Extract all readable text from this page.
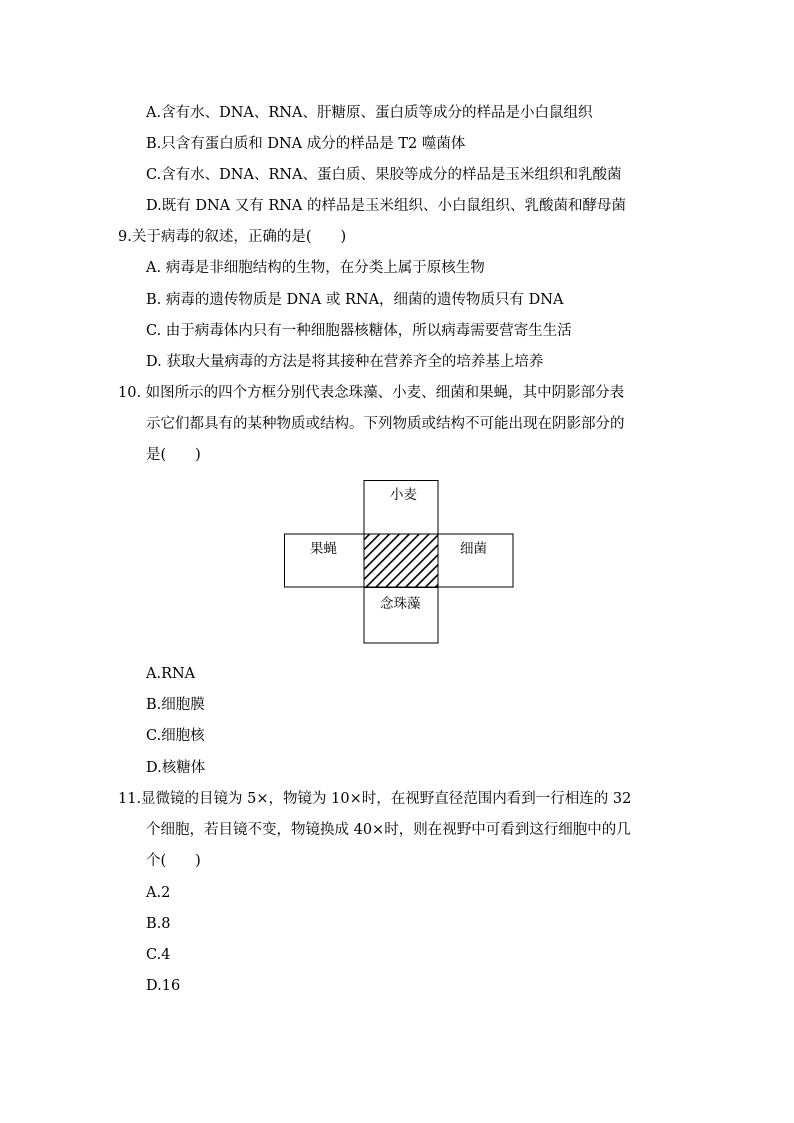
A.含有水、DNA、RNA、肝糖原、蛋白质等成分的样品是小白鼠组织
B.只含有蛋白质和 DNA 成分的样品是 T2 噬菌体
C.含有水、DNA、RNA、蛋白质、果胶等成分的样品是玉米组织和乳酸菌
D.既有 DNA 又有 RNA 的样品是玉米组织、小白鼠组织、乳酸菌和酵母菌
9.关于病毒的叙述，正确的是(　　)
A. 病毒是非细胞结构的生物，在分类上属于原核生物
B. 病毒的遗传物质是 DNA 或 RNA，细菌的遗传物质只有 DNA
C. 由于病毒体内只有一种细胞器核糖体，所以病毒需要营寄生生活
D. 获取大量病毒的方法是将其接种在营养齐全的培养基上培养
10. 如图所示的四个方框分别代表念珠藻、小麦、细菌和果蝇，其中阴影部分表
示它们都具有的某种物质或结构。下列物质或结构不可能出现在阴影部分的
是(　　)
小麦
果蝇	细菌
念珠藻
A.RNA
B.细胞膜
C.细胞核
D.核糖体
11.显微镜的目镜为 5×，物镜为 10×时，在视野直径范围内看到一行相连的 32
个细胞，若目镜不变，物镜换成 40×时，则在视野中可看到这行细胞中的几
个(　　)
A.2
B.8
C.4
D.16
